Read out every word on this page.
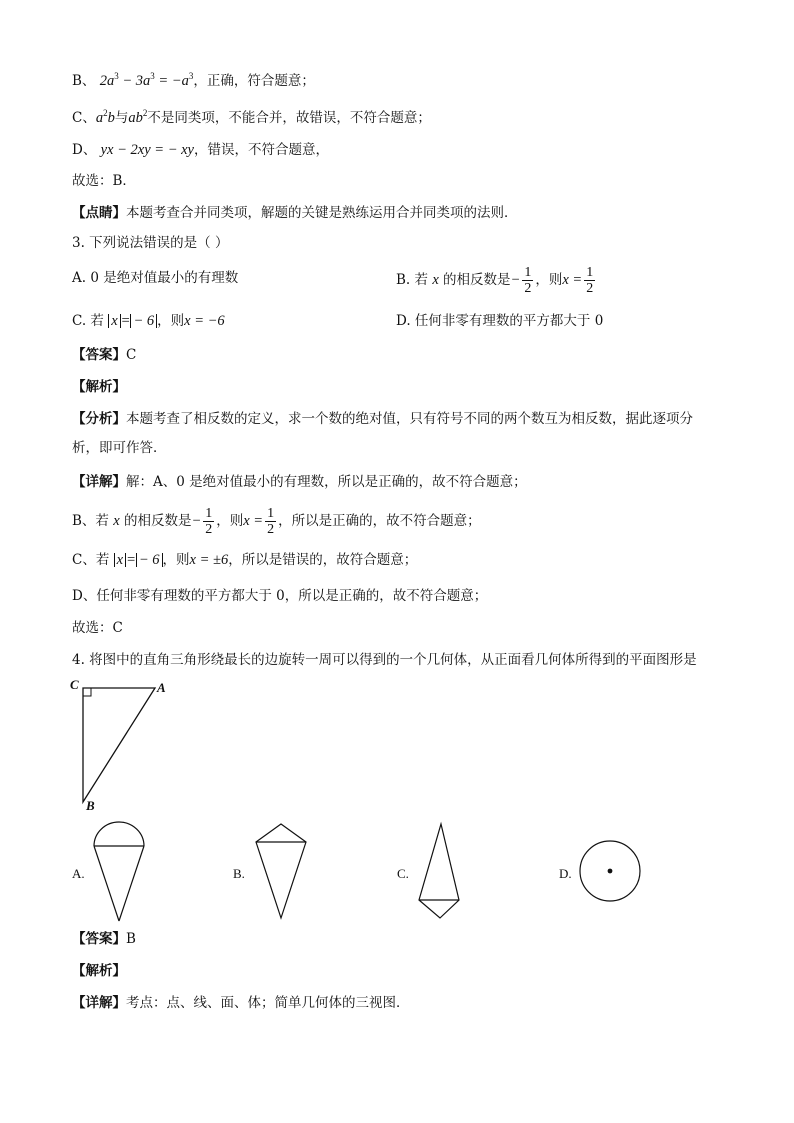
B、 $2a^3 - 3a^3 = -a^3$，正确，符合题意；
C、$a^2b$与$ab^2$不是同类项，不能合并，故错误，不符合题意；
D、 yx − 2xy = − xy，错误，不符合题意，
故选：B．
【点睛】本题考查合并同类项，解题的关键是熟练运用合并同类项的法则．
3. 下列说法错误的是（ ）
A. 0 是绝对值最小的有理数	B. 若 x 的相反数是− $\frac{1}{2}$ ，则$x = \frac{1}{2}$
C. 若 x = − 6 ，则x = −6	D. 任何非零有理数的平方都大于 0
【答案】C
【解析】
【分析】本题考查了相反数的定义，求一个数的绝对值，只有符号不同的两个数互为相反数，据此逐项分
析，即可作答．
【详解】解：A、0 是绝对值最小的有理数，所以是正确的，故不符合题意；
B、若 x 的相反数是− $\frac{1}{2}$ ，则$x = \frac{1}{2}$ ，所以是正确的，故不符合题意；
C、若 x = − 6 ，则x = ±6，所以是错误的，故符合题意；
D、任何非零有理数的平方都大于 0，所以是正确的，故不符合题意；
故选：C
4. 将图中的直角三角形绕最长的边旋转一周可以得到的一个几何体，从正面看几何体所得到的平面图形是
C	A
B
A.	B.	C.	D.
【答案】B
【解析】
【详解】考点：点、线、面、体；简单几何体的三视图．
